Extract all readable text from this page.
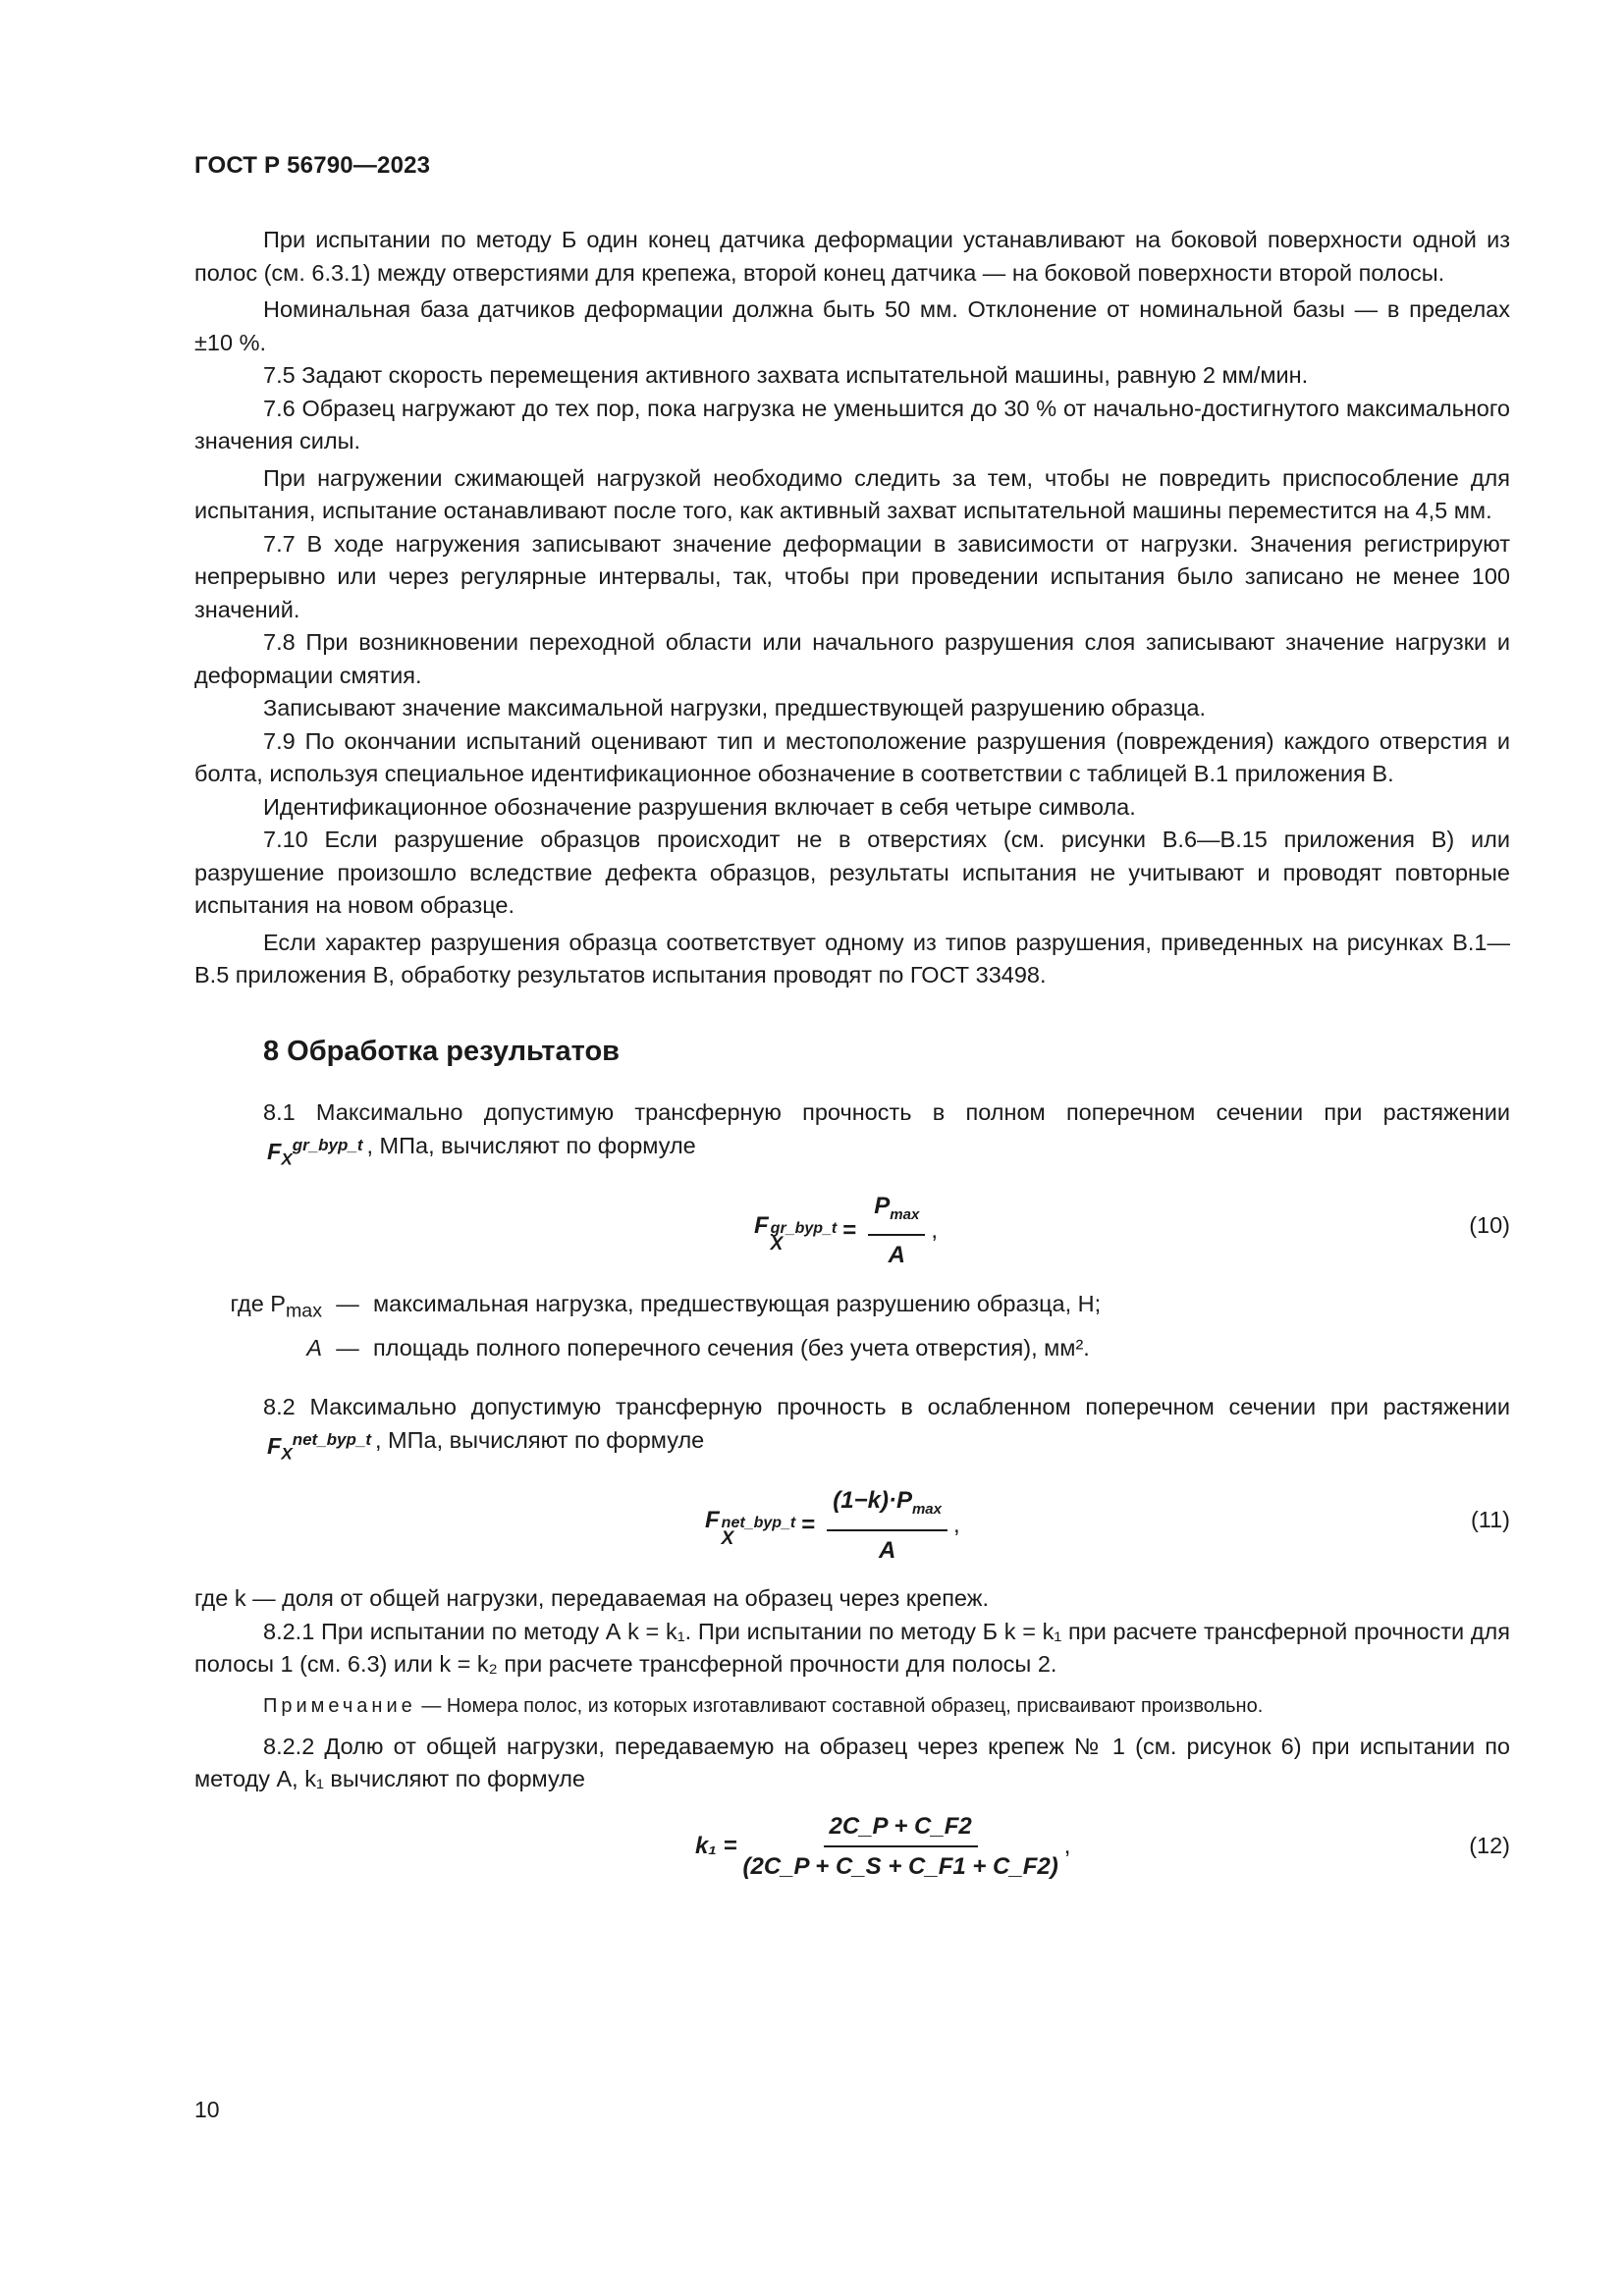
ГОСТ Р 56790—2023

При испытании по методу Б один конец датчика деформации устанавливают на боковой поверхности одной из полос (см. 6.3.1) между отверстиями для крепежа, второй конец датчика — на боковой поверхности второй полосы.

Номинальная база датчиков деформации должна быть 50 мм. Отклонение от номинальной базы — в пределах ±10 %.

7.5 Задают скорость перемещения активного захвата испытательной машины, равную 2 мм/мин.

7.6 Образец нагружают до тех пор, пока нагрузка не уменьшится до 30 % от начально-достигнутого максимального значения силы.

При нагружении сжимающей нагрузкой необходимо следить за тем, чтобы не повредить приспособление для испытания, испытание останавливают после того, как активный захват испытательной машины переместится на 4,5 мм.

7.7 В ходе нагружения записывают значение деформации в зависимости от нагрузки. Значения регистрируют непрерывно или через регулярные интервалы, так, чтобы при проведении испытания было записано не менее 100 значений.

7.8 При возникновении переходной области или начального разрушения слоя записывают значение нагрузки и деформации смятия.

Записывают значение максимальной нагрузки, предшествующей разрушению образца.

7.9 По окончании испытаний оценивают тип и местоположение разрушения (повреждения) каждого отверстия и болта, используя специальное идентификационное обозначение в соответствии с таблицей В.1 приложения В.

Идентификационное обозначение разрушения включает в себя четыре символа.

7.10 Если разрушение образцов происходит не в отверстиях (см. рисунки В.6—В.15 приложения В) или разрушение произошло вследствие дефекта образцов, результаты испытания не учитывают и проводят повторные испытания на новом образце.

Если характер разрушения образца соответствует одному из типов разрушения, приведенных на рисунках В.1—В.5 приложения В, обработку результатов испытания проводят по ГОСТ 33498.

8 Обработка результатов

8.1 Максимально допустимую трансферную прочность в полном поперечном сечении при растяженииF$_X^{gr\_byp\_t}$ , МПа, вычисляют по формуле

F gr_byp_t
X
= $\frac{P_{max}}{A}$ ,	(10)
где $P_{max}$ — максимальная нагрузка, предшествующая разрушению образца, Н;
A — площадь полного поперечного сечения (без учета отверстия), мм².

8.2 Максимально допустимую трансферную прочность в ослабленном поперечном сечении при растяженииF$_X^{net\_byp\_t}$ , МПа, вычисляют по формуле

F net_byp_t
X
= $\frac{(1-k)\cdot P_{max}}{A}$ ,	(11)

где k — доля от общей нагрузки, передаваемая на образец через крепеж.

8.2.1 При испытании по методу А k = k₁. При испытании по методу Б k = k₁ при расчете трансферной прочности для полосы 1 (см. 6.3) или k = k₂ при расчете трансферной прочности для полосы 2.

Примечание — Номера полос, из которых изготавливают составной образец, присваивают произвольно.

8.2.2 Долю от общей нагрузки, передаваемую на образец через крепеж № 1 (см. рисунок 6) при испытании по методу А, k₁ вычисляют по формуле

$k_1 = \frac{2C\_P + C\_F2}{(2C\_P + C\_S + C\_F1 + C\_F2)}$ ,	(12)
10
